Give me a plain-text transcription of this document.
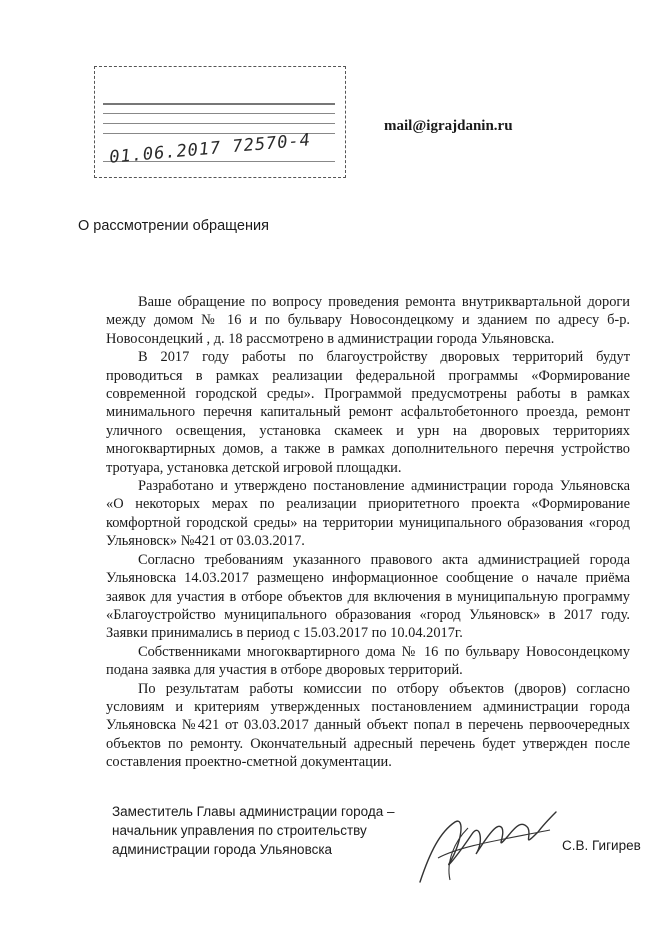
01.06.2017 72570-4
mail@igrajdanin.ru
О рассмотрении обращения

Ваше обращение по вопросу проведения ремонта внутриквартальной дороги между домом № 16 и по бульвару Новосондецкому и зданием по адресу б-р. Новосондецкий , д. 18 рассмотрено в администрации города Ульяновска.

В 2017 году работы по благоустройству дворовых территорий будут проводиться в рамках реализации федеральной программы «Формирование современной городской среды». Программой предусмотрены работы в рамках минимального перечня капитальный ремонт асфальтобетонного проезда, ремонт уличного освещения, установка скамеек и урн на дворовых территориях многоквартирных домов, а также в рамках дополнительного перечня устройство тротуара, установка детской игровой площадки.

Разработано и утверждено постановление администрации города Ульяновска «О некоторых мерах по реализации приоритетного проекта «Формирование комфортной городской среды» на территории муниципального образования «город Ульяновск» №421 от 03.03.2017.

Согласно требованиям указанного правового акта администрацией города Ульяновска 14.03.2017 размещено информационное сообщение о начале приёма заявок для участия в отборе объектов для включения в муниципальную программу «Благоустройство муниципального образования «город Ульяновск» в 2017 году. Заявки принимались в период с 15.03.2017 по 10.04.2017г.

Собственниками многоквартирного дома № 16 по бульвару Новосондецкому подана заявка для участия в отборе дворовых территорий.

По результатам работы комиссии по отбору объектов (дворов) согласно условиям и критериям утвержденных постановлением администрации города Ульяновска №421 от 03.03.2017 данный объект попал в перечень первоочередных объектов по ремонту. Окончательный адресный перечень будет утвержден после составления проектно-сметной документации.

Заместитель Главы администрации города –
начальник управления по строительству
администрации города Ульяновска	С.В. Гигирев
